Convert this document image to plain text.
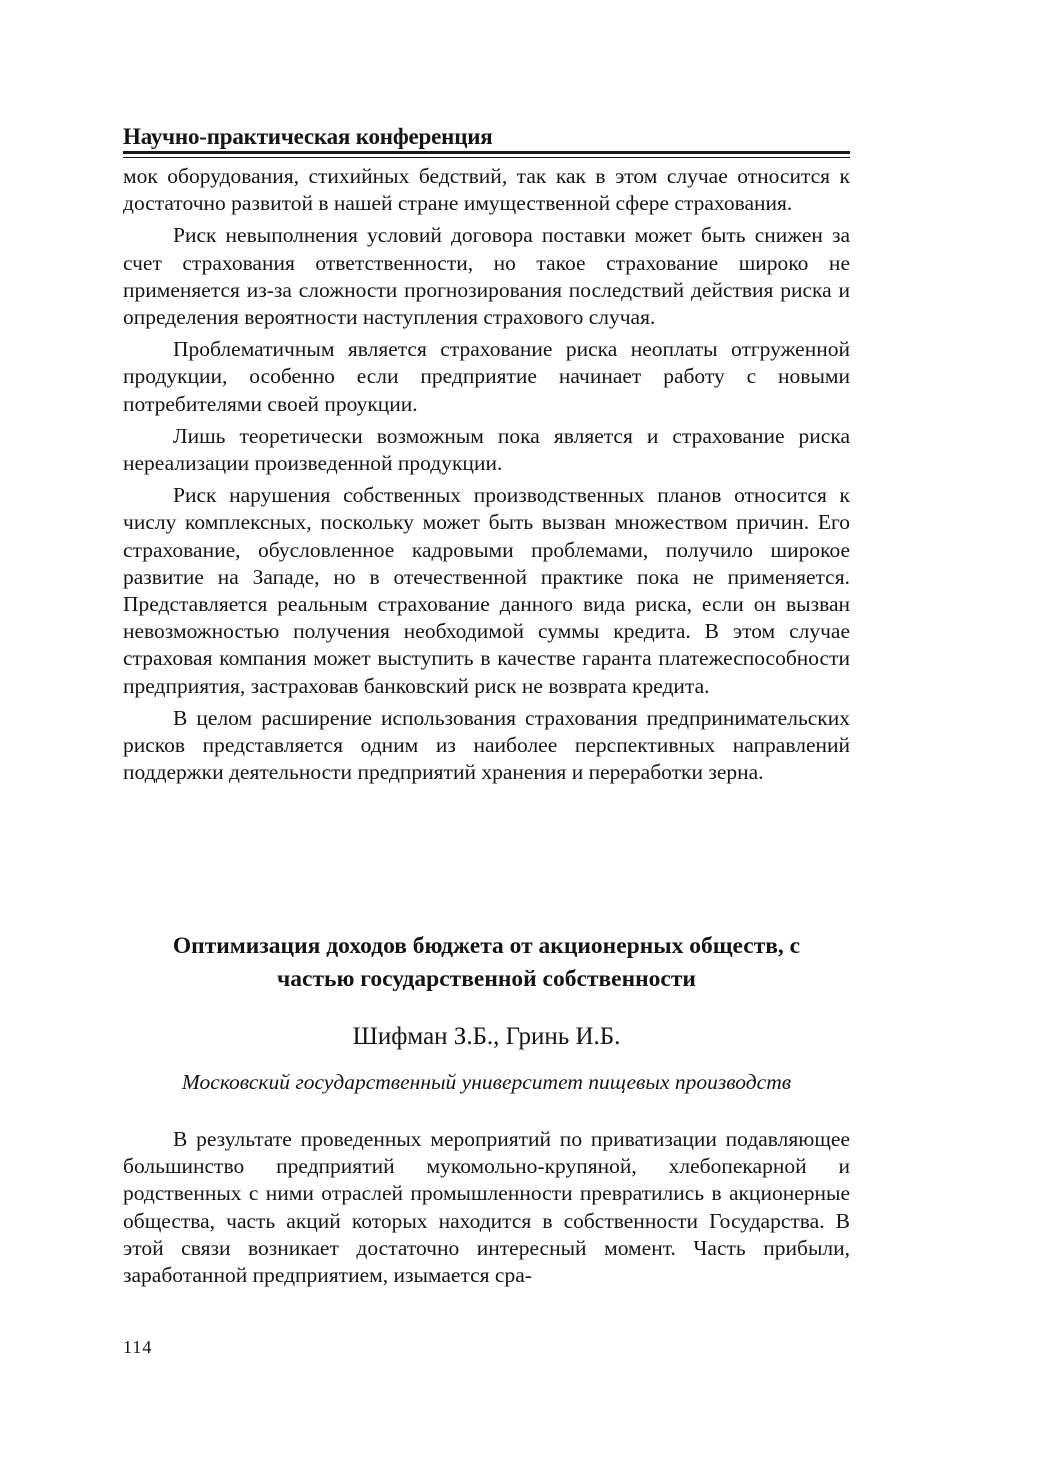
Научно-практическая конференция

мок оборудования, стихийных бедствий, так как в этом случае относится к достаточно развитой в нашей стране имущественной сфере страхования.

Риск невыполнения условий договора поставки может быть снижен за счет страхования ответственности, но такое страхование широко не применяется из-за сложности прогнозирования последствий действия риска и определения вероятности наступления страхового случая.

Проблематичным является страхование риска неоплаты отгруженной продукции, особенно если предприятие начинает работу с новыми потребителями своей проукции.

Лишь теоретически возможным пока является и страхование риска нереализации произведенной продукции.

Риск нарушения собственных производственных планов относится к числу комплексных, поскольку может быть вызван множеством причин. Его страхование, обусловленное кадровыми проблемами, получило широкое развитие на Западе, но в отечественной практике пока не применяется. Представляется реальным страхование данного вида риска, если он вызван невозможностью получения необходимой суммы кредита. В этом случае страховая компания может выступить в качестве гаранта платежеспособности предприятия, застраховав банковский риск не возврата кредита.

В целом расширение использования страхования предпринимательских рисков представляется одним из наиболее перспективных направлений поддержки деятельности предприятий хранения и переработки зерна.

Оптимизация доходов бюджета от акционерных обществ, с
частью государственной собственности
Шифман З.Б., Гринь И.Б.
Московский государственный университет пищевых производств

В результате проведенных мероприятий по приватизации подавляющее большинство предприятий мукомольно-крупяной, хлебопекарной и родственных с ними отраслей промышленности превратились в акционерные общества, часть акций которых находится в собственности Государства. В этой связи возникает достаточно интересный момент. Часть прибыли, заработанной предприятием, изымается сра-

114
